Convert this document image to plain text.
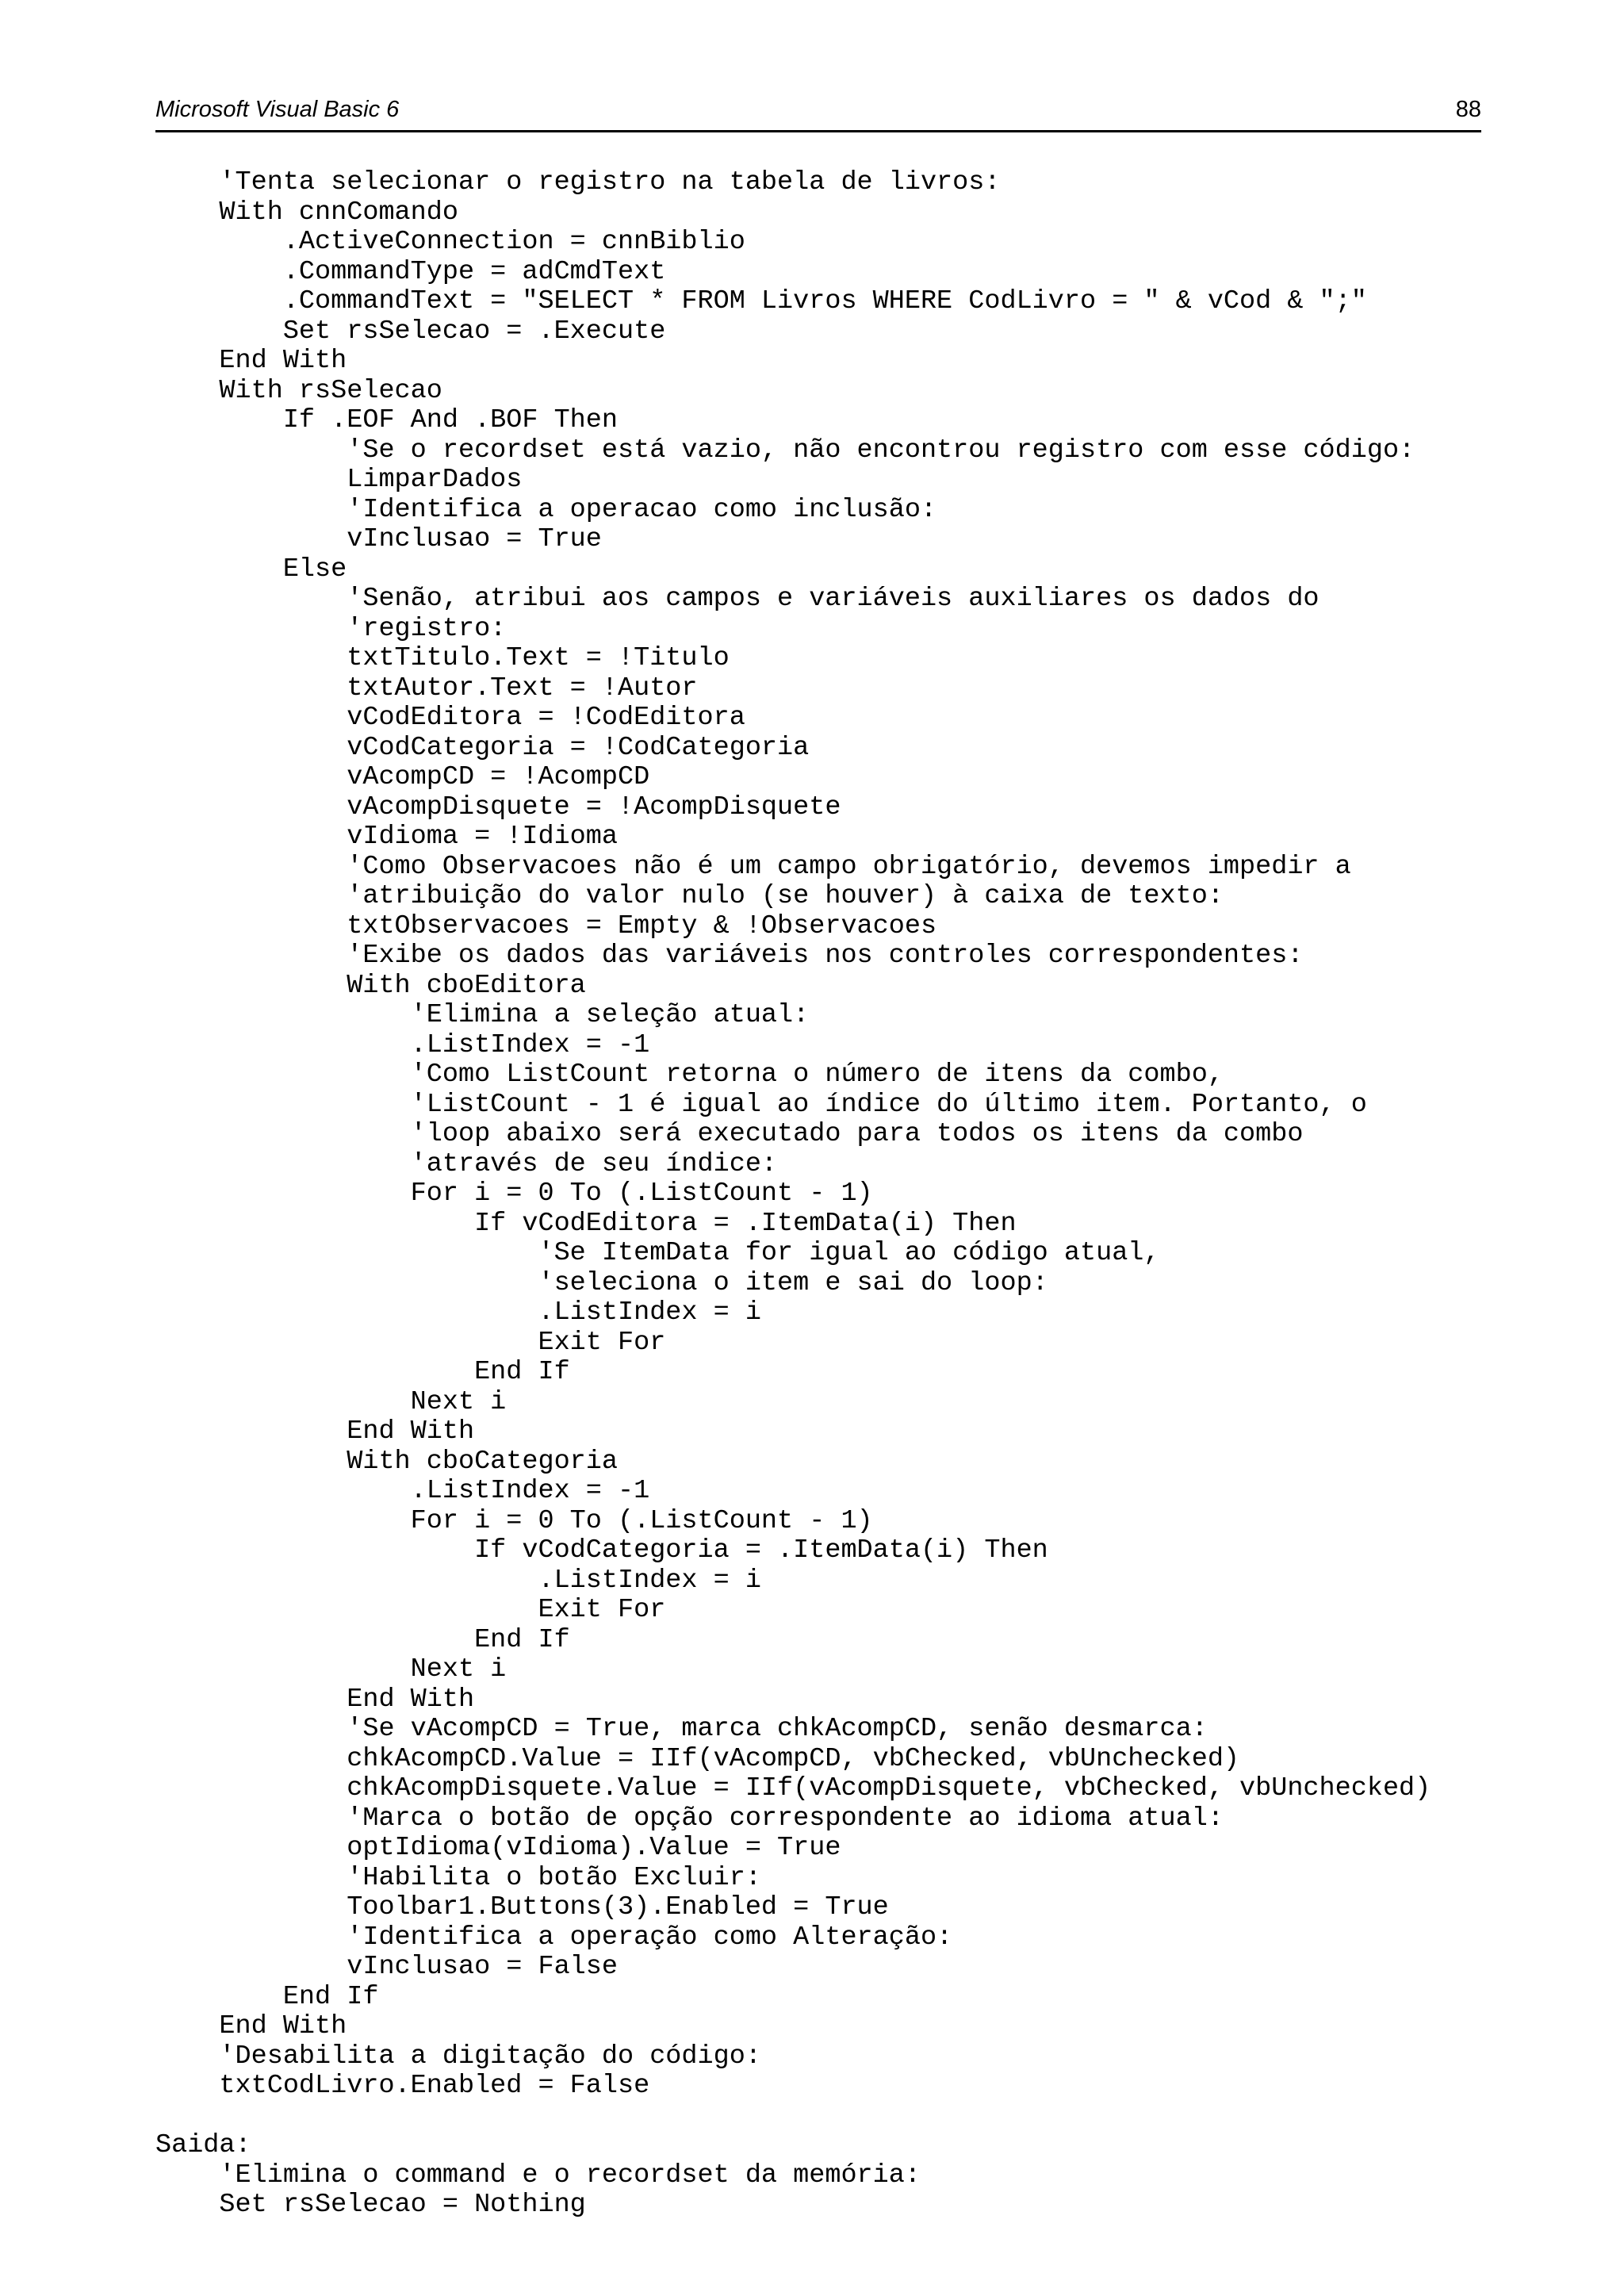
Microsoft Visual Basic 6	88
'Tenta selecionar o registro na tabela de livros:
With cnnComando
.ActiveConnection = cnnBiblio
.CommandType = adCmdText
.CommandText = "SELECT * FROM Livros WHERE CodLivro = " & vCod & ";"
Set rsSelecao = .Execute
End With
With rsSelecao
If .EOF And .BOF Then
'Se o recordset está vazio, não encontrou registro com esse código:
LimparDados
'Identifica a operacao como inclusão:
vInclusao = True
Else
'Senão, atribui aos campos e variáveis auxiliares os dados do
'registro:
txtTitulo.Text = !Titulo
txtAutor.Text = !Autor
vCodEditora = !CodEditora
vCodCategoria = !CodCategoria
vAcompCD = !AcompCD
vAcompDisquete = !AcompDisquete
vIdioma = !Idioma
'Como Observacoes não é um campo obrigatório, devemos impedir a
'atribuição do valor nulo (se houver) à caixa de texto:
txtObservacoes = Empty & !Observacoes
'Exibe os dados das variáveis nos controles correspondentes:
With cboEditora
'Elimina a seleção atual:
.ListIndex = -1
'Como ListCount retorna o número de itens da combo,
'ListCount - 1 é igual ao índice do último item. Portanto, o
'loop abaixo será executado para todos os itens da combo
'através de seu índice:
For i = 0 To (.ListCount - 1)
If vCodEditora = .ItemData(i) Then
'Se ItemData for igual ao código atual,
'seleciona o item e sai do loop:
.ListIndex = i
Exit For
End If
Next i
End With
With cboCategoria
.ListIndex = -1
For i = 0 To (.ListCount - 1)
If vCodCategoria = .ItemData(i) Then
.ListIndex = i
Exit For
End If
Next i
End With
'Se vAcompCD = True, marca chkAcompCD, senão desmarca:
chkAcompCD.Value = IIf(vAcompCD, vbChecked, vbUnchecked)
chkAcompDisquete.Value = IIf(vAcompDisquete, vbChecked, vbUnchecked)
'Marca o botão de opção correspondente ao idioma atual:
optIdioma(vIdioma).Value = True
'Habilita o botão Excluir:
Toolbar1.Buttons(3).Enabled = True
'Identifica a operação como Alteração:
vInclusao = False
End If
End With
'Desabilita a digitação do código:
txtCodLivro.Enabled = False
Saida:
'Elimina o command e o recordset da memória:
Set rsSelecao = Nothing
